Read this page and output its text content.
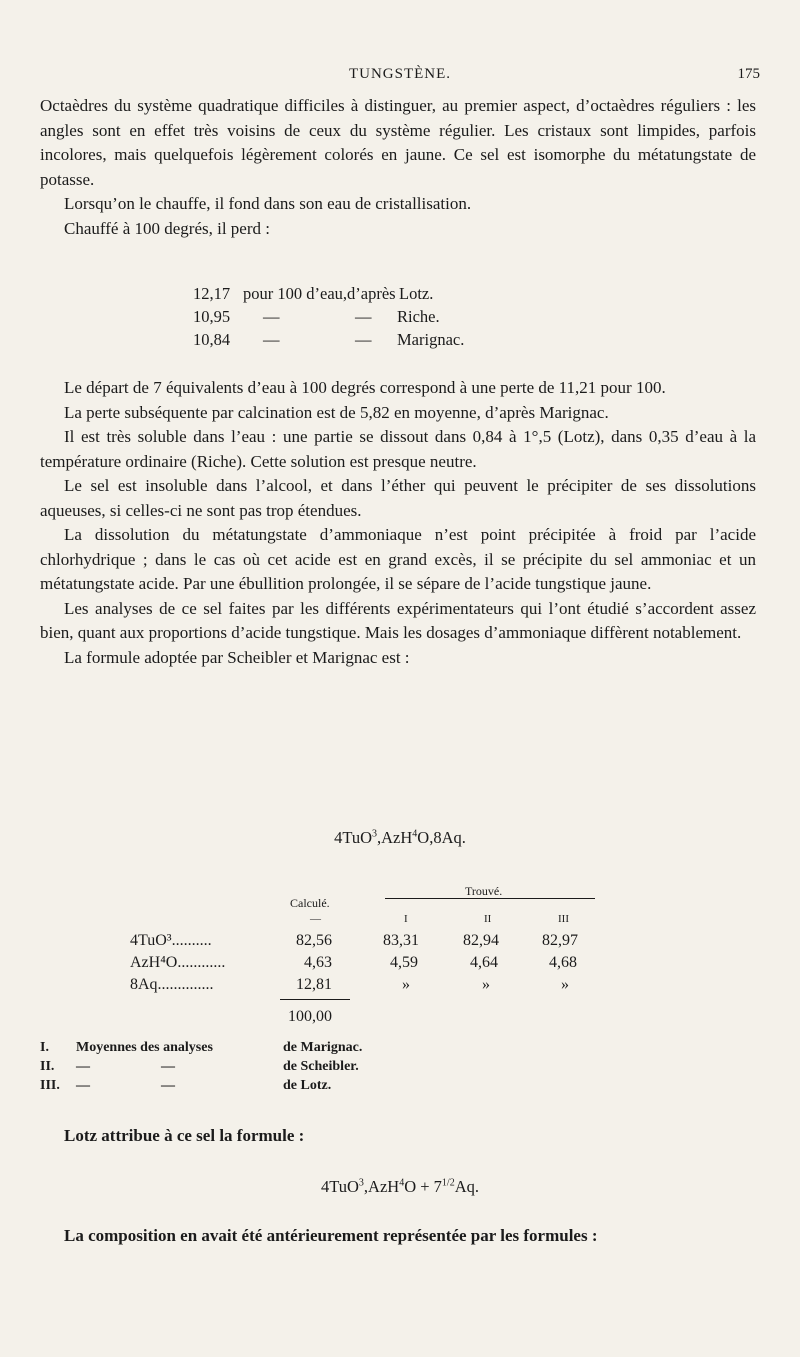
TUNGSTÈNE.	175

Octaèdres du système quadratique difficiles à distinguer, au premier aspect, d’octaèdres réguliers : les angles sont en effet très voisins de ceux du système régulier. Les cristaux sont limpides, parfois incolores, mais quelquefois légèrement colorés en jaune. Ce sel est isomorphe du métatungstate de potasse.

Lorsqu’on le chauffe, il fond dans son eau de cristallisation.

Chauffé à 100 degrés, il perd :

12,17 pour 100 d’eau, d’après Lotz.
10,95	—	—	Riche.
10,84	—	—	Marignac.

Le départ de 7 équivalents d’eau à 100 degrés correspond à une perte de 11,21 pour 100.

La perte subséquente par calcination est de 5,82 en moyenne, d’après Marignac.

Il est très soluble dans l’eau : une partie se dissout dans 0,84 à 1°,5 (Lotz), dans 0,35 d’eau à la température ordinaire (Riche). Cette solution est presque neutre.

Le sel est insoluble dans l’alcool, et dans l’éther qui peuvent le précipiter de ses dissolutions aqueuses, si celles-ci ne sont pas trop étendues.

La dissolution du métatungstate d’ammoniaque n’est point précipitée à froid par l’acide chlorhydrique ; dans le cas où cet acide est en grand excès, il se précipite du sel ammoniac et un métatungstate acide. Par une ébullition prolongée, il se sépare de l’acide tungstique jaune.

Les analyses de ce sel faites par les différents expérimentateurs qui l’ont étudié s’accordent assez bien, quant aux proportions d’acide tungstique. Mais les dosages d’ammoniaque diffèrent notablement.

La formule adoptée par Scheibler et Marignac est :

4TuO$^3$,AzH$^4$O,8Aq.
Trouvé.
Calculé.
—	I	II	III
4TuO³..........	82,56	83,31	82,94	82,97
AzH⁴O............	4,63	4,59	4,64	4,68
8Aq..............	12,81	»	»	»
100,00
I.	Moyennes des analyses	de Marignac.
II.	—	—	de Scheibler.
III.	—	—	de Lotz.
Lotz attribue à ce sel la formule :
$4TuO^3,AzH^4O + 7^{1/2}Aq$.
La composition en avait été antérieurement représentée par les formules :
